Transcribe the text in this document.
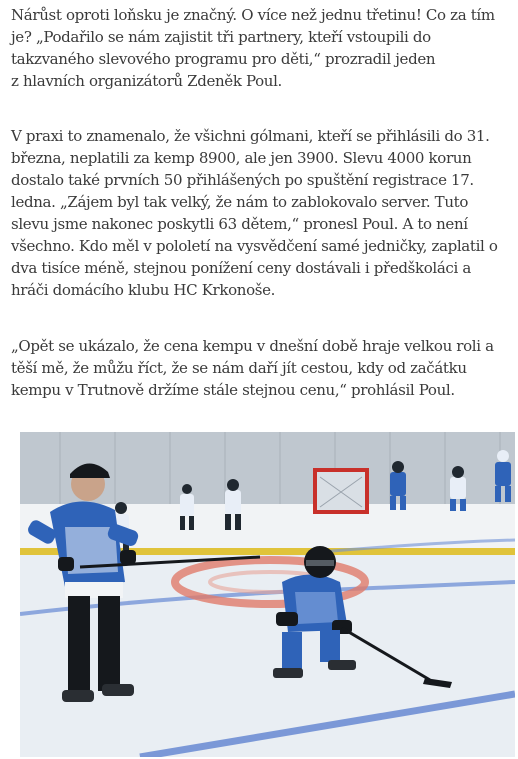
Nárůst oproti loňsku je značný. O více než jednu třetinu! Co za tím
je? „Podařilo se nám zajistit tři partnery, kteří vstoupili do
takzvaného slevového programu pro děti,“ prozradil jeden
z hlavních organizátorů Zdeněk Poul.

V praxi to znamenalo, že všichni gólmani, kteří se přihlásili do 31.
března, neplatili za kemp 8900, ale jen 3900. Slevu 4000 korun
dostalo také prvních 50 přihlášených po spuštění registrace 17.
ledna. „Zájem byl tak velký, že nám to zablokovalo server. Tuto
slevu jsme nakonec poskytli 63 dětem,“ pronesl Poul. A to není
všechno. Kdo měl v pololetí na vysvědčení samé jedničky, zaplatil o
dva tisíce méně, stejnou ponížení ceny dostávali i předškoláci a
hráči domácího klubu HC Krkonoše.

„Opět se ukázalo, že cena kempu v dnešní době hraje velkou roli a
těší mě, že můžu říct, že se nám daří jít cestou, kdy od začátku
kempu v Trutnově držíme stále stejnou cenu,“ prohlásil Poul.
